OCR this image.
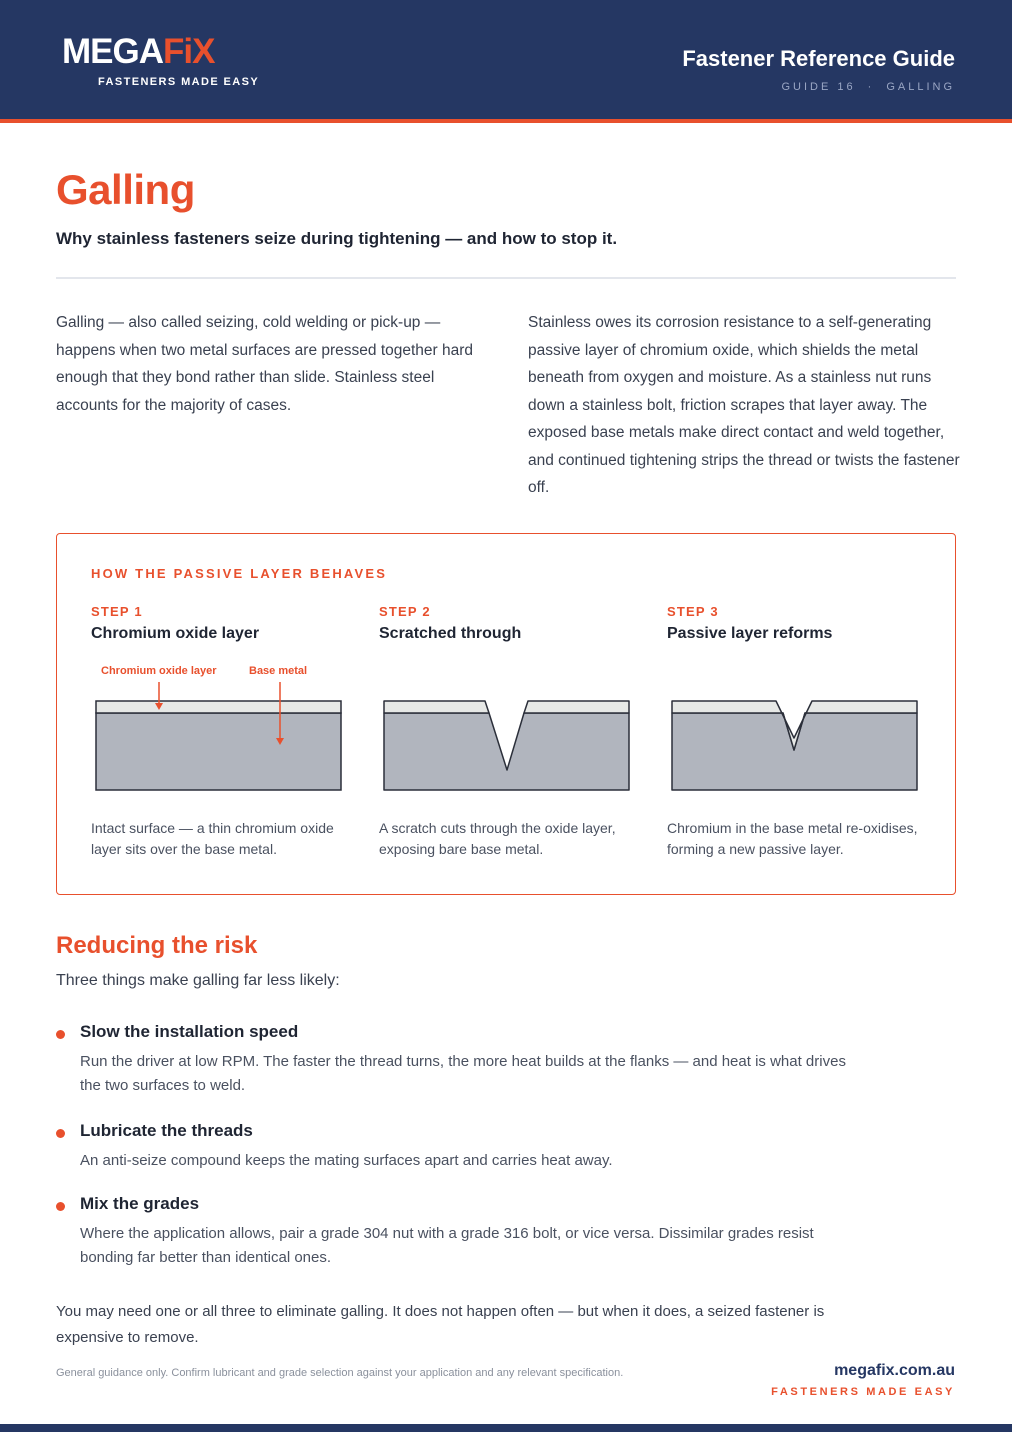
MEGAFiX
FASTENERS MADE EASY
Fastener Reference Guide
GUIDE 16 · GALLING
Galling
Why stainless fasteners seize during tightening — and how to stop it.

Galling — also called seizing, cold welding or pick-up — happens when two metal surfaces are pressed together hard enough that they bond rather than slide. Stainless steel accounts for the majority of cases.

Stainless owes its corrosion resistance to a self-generating passive layer of chromium oxide, which shields the metal beneath from oxygen and moisture. As a stainless nut runs down a stainless bolt, friction scrapes that layer away. The exposed base metals make direct contact and weld together, and continued tightening strips the thread or twists the fastener off.

HOW THE PASSIVE LAYER BEHAVES
STEP 1
Chromium oxide layer
Chromium oxide layer	Base metal
Intact surface — a thin chromium oxide layer sits over the base metal.
STEP 2
Scratched through
A scratch cuts through the oxide layer, exposing bare base metal.
STEP 3
Passive layer reforms
Chromium in the base metal re-oxidises, forming a new passive layer.
Reducing the risk
Three things make galling far less likely:
Slow the installation speed
Run the driver at low RPM. The faster the thread turns, the more heat builds at the flanks — and heat is what drives the two surfaces to weld.
Lubricate the threads
An anti-seize compound keeps the mating surfaces apart and carries heat away.
Mix the grades
Where the application allows, pair a grade 304 nut with a grade 316 bolt, or vice versa. Dissimilar grades resist bonding far better than identical ones.

You may need one or all three to eliminate galling. It does not happen often — but when it does, a seized fastener is expensive to remove.

General guidance only. Confirm lubricant and grade selection against your application and any relevant specification.	megafix.com.au
FASTENERS MADE EASY
